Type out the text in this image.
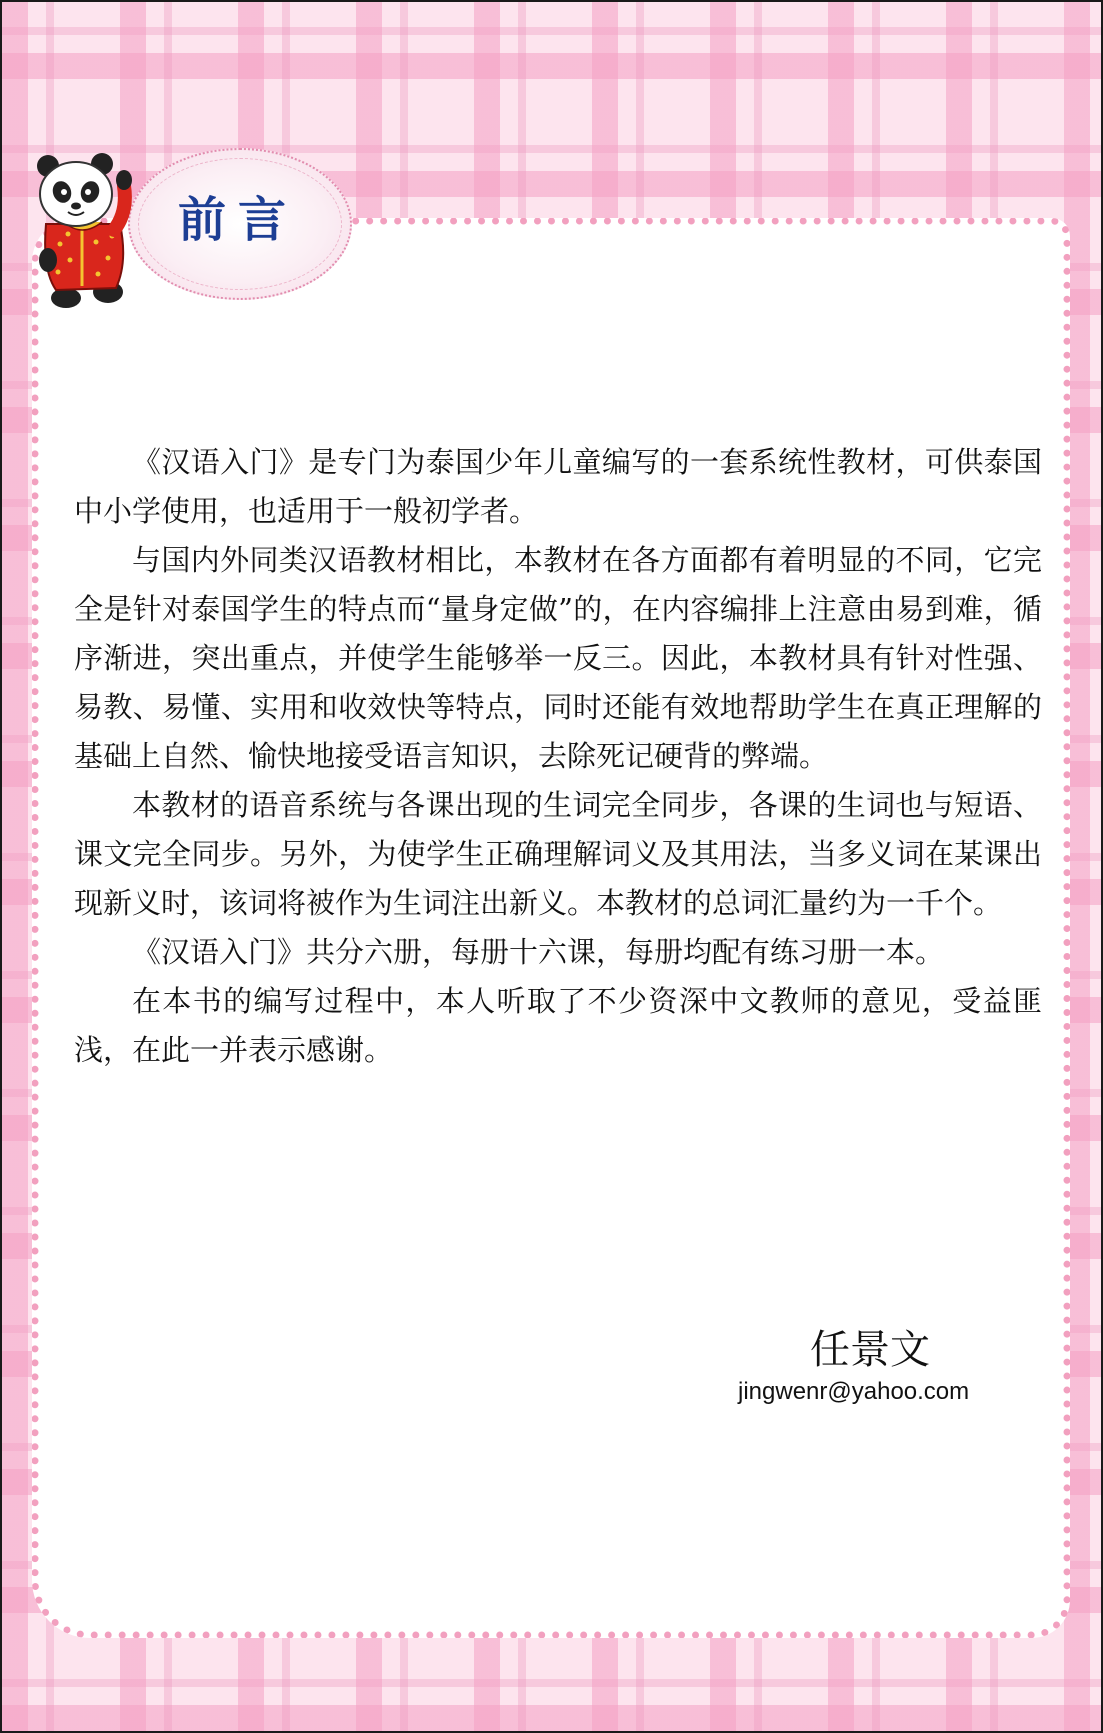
前言

《汉语入门》是专门为泰国少年儿童编写的一套系统性教材，可供泰国中小学使用，也适用于一般初学者。

与国内外同类汉语教材相比，本教材在各方面都有着明显的不同，它完全是针对泰国学生的特点而“量身定做”的，在内容编排上注意由易到难，循序渐进，突出重点，并使学生能够举一反三。因此，本教材具有针对性强、易教、易懂、实用和收效快等特点，同时还能有效地帮助学生在真正理解的基础上自然、愉快地接受语言知识，去除死记硬背的弊端。

本教材的语音系统与各课出现的生词完全同步，各课的生词也与短语、课文完全同步。另外，为使学生正确理解词义及其用法，当多义词在某课出现新义时，该词将被作为生词注出新义。本教材的总词汇量约为一千个。

《汉语入门》共分六册，每册十六课，每册均配有练习册一本。

在本书的编写过程中，本人听取了不少资深中文教师的意见，受益匪浅，在此一并表示感谢。

任景文
jingwenr@yahoo.com
